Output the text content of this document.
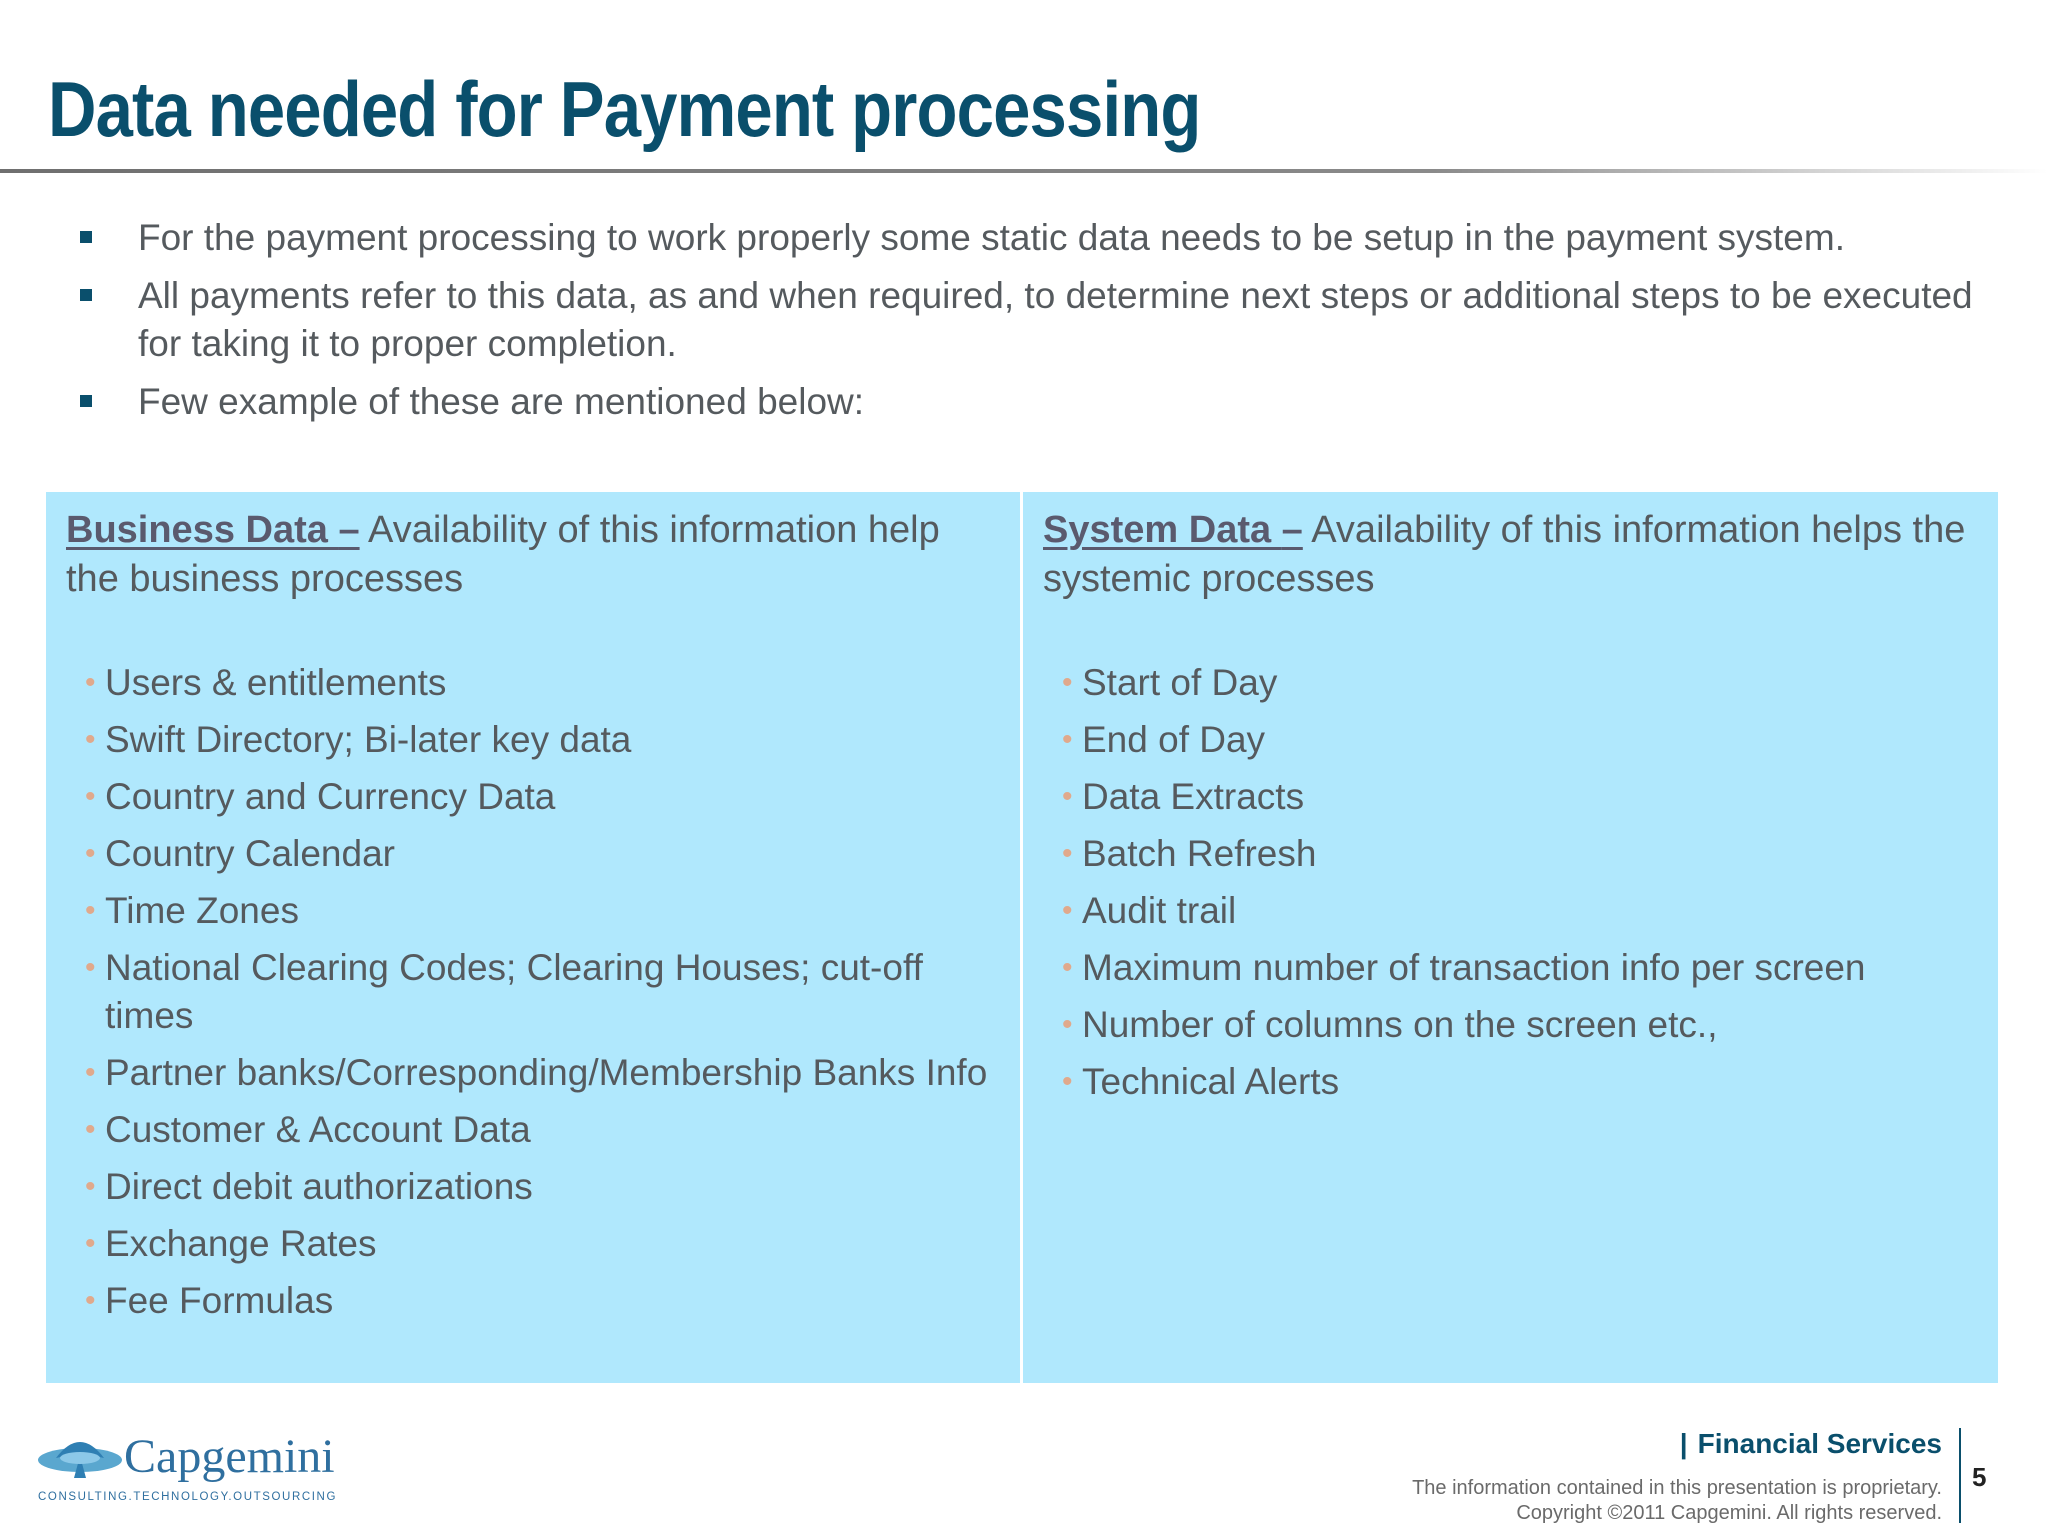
Data needed for Payment processing
For the payment processing to work properly some static data needs to be setup in the payment system.
All payments refer to this data, as and when required, to determine next steps or additional steps to be executed for taking it to proper completion.
Few example of these are mentioned below:
Business Data – Availability of this information help the business processes
• Users & entitlements
• Swift Directory; Bi-later key data
• Country and Currency Data
• Country Calendar
• Time Zones
• National Clearing Codes; Clearing Houses; cut-off times
• Partner banks/Corresponding/Membership Banks Info
• Customer & Account Data
• Direct debit authorizations
• Exchange Rates
• Fee Formulas
System Data – Availability of this information helps the systemic processes
• Start of Day
• End of Day
• Data Extracts
• Batch Refresh
• Audit trail
• Maximum number of transaction info per screen
• Number of columns on the screen etc.,
• Technical Alerts
Capgemini
CONSULTING.TECHNOLOGY.OUTSOURCING
| Financial Services
The information contained in this presentation is proprietary.
Copyright ©2011 Capgemini. All rights reserved.
5
